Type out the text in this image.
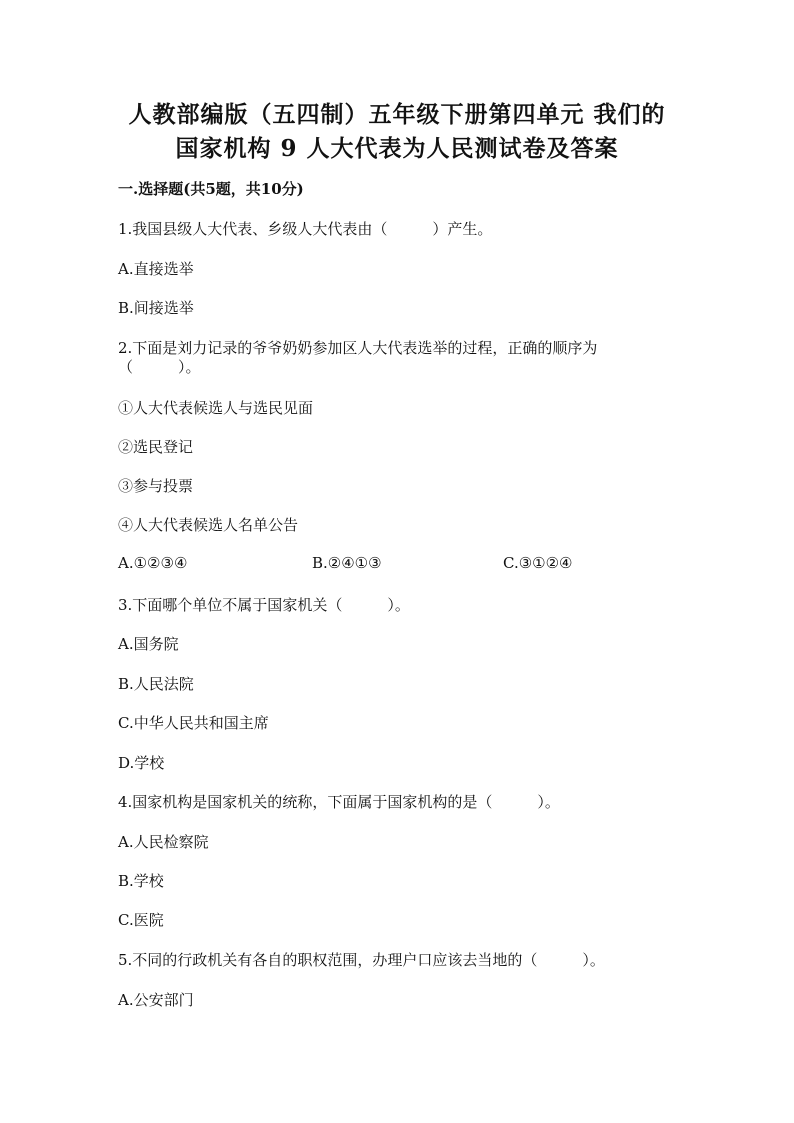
人教部编版（五四制）五年级下册第四单元 我们的
国家机构 9 人大代表为人民测试卷及答案
一.选择题(共5题，共10分)
1.我国县级人大代表、乡级人大代表由（　　　）产生。
A.直接选举
B.间接选举
2.下面是刘力记录的爷爷奶奶参加区人大代表选举的过程，正确的顺序为
（　　　）。
①人大代表候选人与选民见面
②选民登记
③参与投票
④人大代表候选人名单公告
A.①②③④	B.②④①③	C.③①②④
3.下面哪个单位不属于国家机关（　　　）。
A.国务院
B.人民法院
C.中华人民共和国主席
D.学校
4.国家机构是国家机关的统称，下面属于国家机构的是（　　　）。
A.人民检察院
B.学校
C.医院
5.不同的行政机关有各自的职权范围，办理户口应该去当地的（　　　）。
A.公安部门
